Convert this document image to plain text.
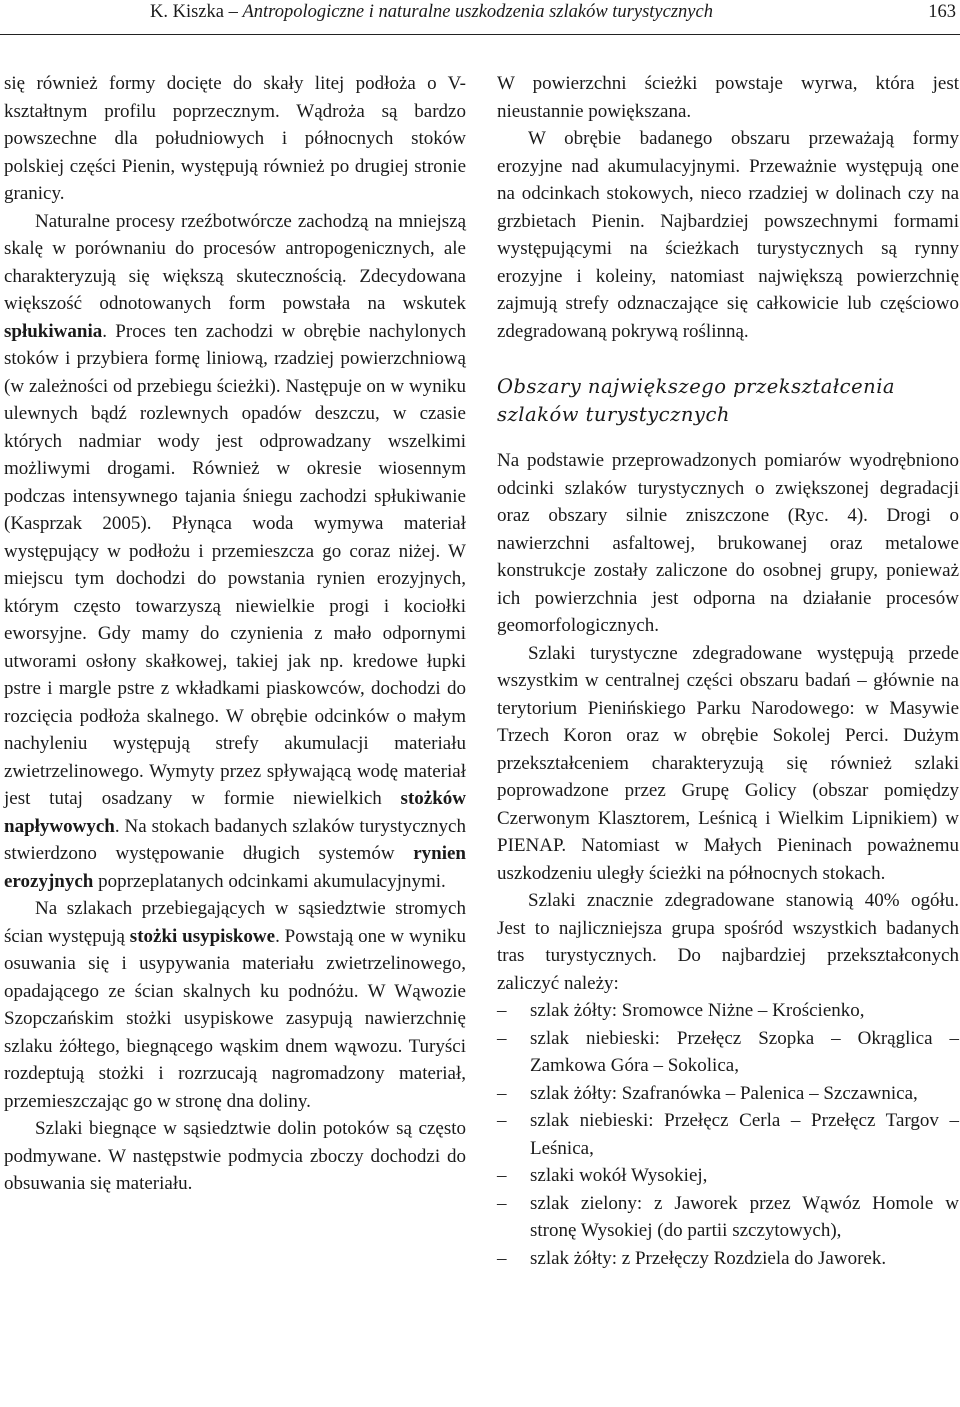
K. Kiszka – Antropologiczne i naturalne uszkodzenia szlaków turystycznych	163

się również formy docięte do skały litej podłoża o V-kształtnym profilu poprzecznym. Wądroża są bardzo powszechne dla południowych i północnych stoków polskiej części Pienin, występują również po drugiej stronie granicy.

Naturalne procesy rzeźbotwórcze zachodzą na mniejszą skalę w porównaniu do procesów antropogenicznych, ale charakteryzują się większą skutecznością. Zdecydowana większość odnotowanych form powstała na wskutek spłukiwania. Proces ten zachodzi w obrębie nachylonych stoków i przybiera formę liniową, rzadziej powierzchniową (w zależności od przebiegu ścieżki). Następuje on w wyniku ulewnych bądź rozlewnych opadów deszczu, w czasie których nadmiar wody jest odprowadzany wszelkimi możliwymi drogami. Również w okresie wiosennym podczas intensywnego tajania śniegu zachodzi spłukiwanie (Kasprzak 2005). Płynąca woda wymywa materiał występujący w podłożu i przemieszcza go coraz niżej. W miejscu tym dochodzi do powstania rynien erozyjnych, którym często towarzyszą niewielkie progi i kociołki eworsyjne. Gdy mamy do czynienia z mało odpornymi utworami osłony skałkowej, takiej jak np. kredowe łupki pstre i margle pstre z wkładkami piaskowców, dochodzi do rozcięcia podłoża skalnego. W obrębie odcinków o małym nachyleniu występują strefy akumulacji materiału zwietrzelinowego. Wymyty przez spływającą wodę materiał jest tutaj osadzany w formie niewielkich stożków napływowych. Na stokach badanych szlaków turystycznych stwierdzono występowanie długich systemów rynien erozyjnych poprzeplatanych odcinkami akumulacyjnymi.

Na szlakach przebiegających w sąsiedztwie stromych ścian występują stożki usypiskowe. Powstają one w wyniku osuwania się i usypywania materiału zwietrzelinowego, opadającego ze ścian skalnych ku podnóżu. W Wąwozie Szopczańskim stożki usypiskowe zasypują nawierzchnię szlaku żółtego, biegnącego wąskim dnem wąwozu. Turyści rozdeptują stożki i rozrzucają nagromadzony materiał, przemieszczając go w stronę dna doliny.

Szlaki biegnące w sąsiedztwie dolin potoków są często podmywane. W następstwie podmycia zboczy dochodzi do obsuwania się materiału.

W powierzchni ścieżki powstaje wyrwa, która jest nieustannie powiększana.

W obrębie badanego obszaru przeważają formy erozyjne nad akumulacyjnymi. Przeważnie występują one na odcinkach stokowych, nieco rzadziej w dolinach czy na grzbietach Pienin. Najbardziej powszechnymi formami występującymi na ścieżkach turystycznych są rynny erozyjne i koleiny, natomiast największą powierzchnię zajmują strefy odznaczające się całkowicie lub częściowo zdegradowaną pokrywą roślinną.

Obszary największego przekształcenia
szlaków turystycznych

Na podstawie przeprowadzonych pomiarów wyodrębniono odcinki szlaków turystycznych o zwiększonej degradacji oraz obszary silnie zniszczone (Ryc. 4). Drogi o nawierzchni asfaltowej, brukowanej oraz metalowe konstrukcje zostały zaliczone do osobnej grupy, ponieważ ich powierzchnia jest odporna na działanie procesów geomorfologicznych.

Szlaki turystyczne zdegradowane występują przede wszystkim w centralnej części obszaru badań – głównie na terytorium Pienińskiego Parku Narodowego: w Masywie Trzech Koron oraz w obrębie Sokolej Perci. Dużym przekształceniem charakteryzują się również szlaki poprowadzone przez Grupę Golicy (obszar pomiędzy Czerwonym Klasztorem, Leśnicą i Wielkim Lipnikiem) w PIENAP. Natomiast w Małych Pieninach poważnemu uszkodzeniu uległy ścieżki na północnych stokach.

Szlaki znacznie zdegradowane stanowią 40% ogółu. Jest to najliczniejsza grupa spośród wszystkich badanych tras turystycznych. Do najbardziej przekształconych zaliczyć należy:

– szlak żółty: Sromowce Niżne – Krościenko,
– szlak niebieski: Przełęcz Szopka – Okrąglica – Zamkowa Góra – Sokolica,
– szlak żółty: Szafranówka – Palenica – Szczawnica,
– szlak niebieski: Przełęcz Cerla – Przełęcz Targov – Leśnica,
– szlaki wokół Wysokiej,
– szlak zielony: z Jaworek przez Wąwóz Homole w stronę Wysokiej (do partii szczytowych),
– szlak żółty: z Przełęczy Rozdziela do Jaworek.
